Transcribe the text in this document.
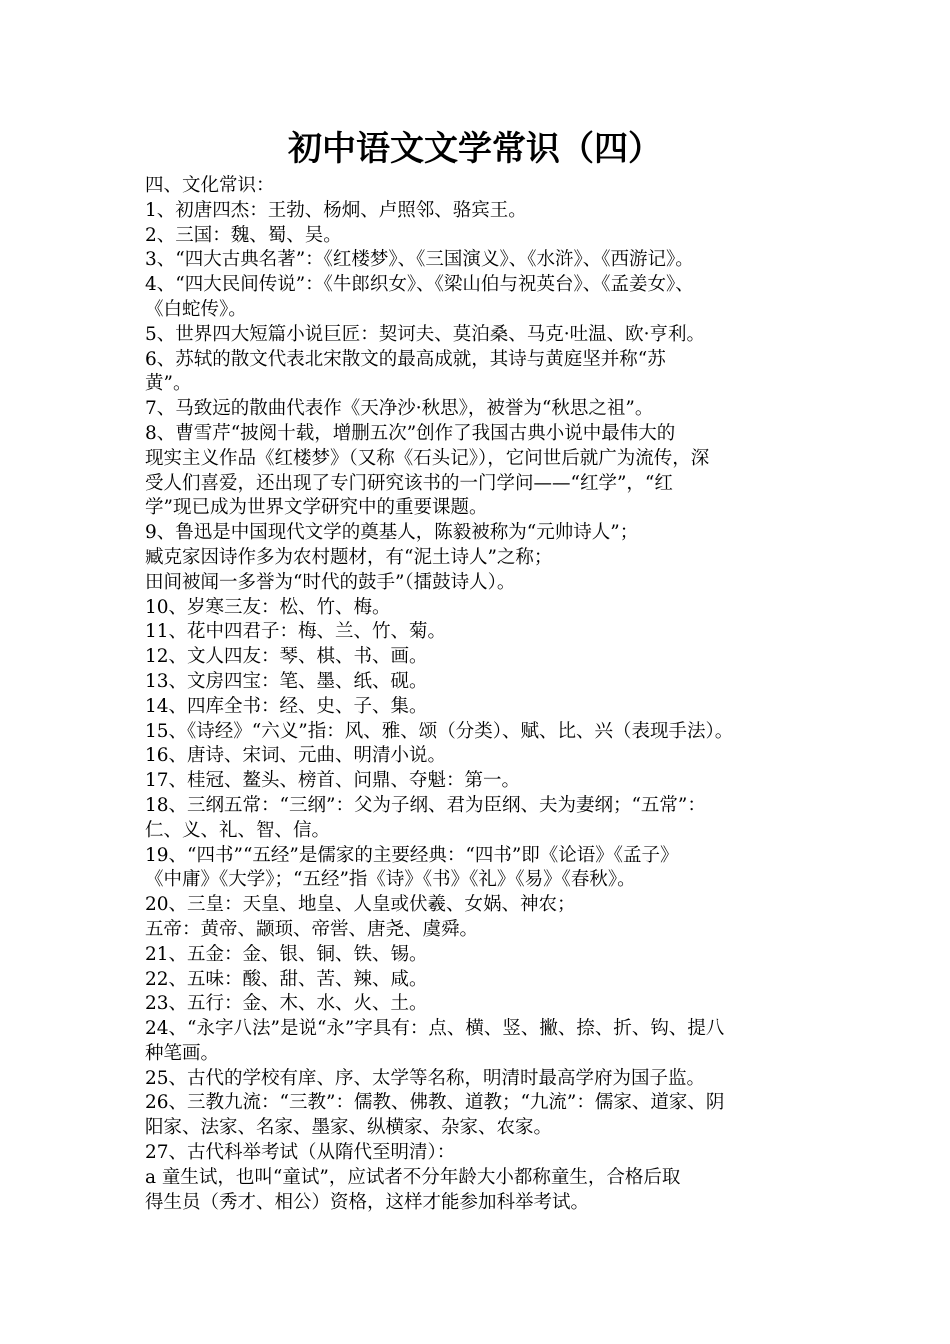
初中语文文学常识（四）
四、文化常识：
1、初唐四杰：王勃、杨炯、卢照邻、骆宾王。
2、三国：魏、蜀、吴。
3、“四大古典名著”：《红楼梦》、《三国演义》、《水浒》、《西游记》。
4、“四大民间传说”：《牛郎织女》、《梁山伯与祝英台》、《孟姜女》、
《白蛇传》。
5、世界四大短篇小说巨匠：契诃夫、莫泊桑、马克·吐温、欧·亨利。
6、苏轼的散文代表北宋散文的最高成就，其诗与黄庭坚并称“苏
黄”。
7、马致远的散曲代表作《天净沙·秋思》，被誉为“秋思之祖”。
8、曹雪芹“披阅十载，增删五次”创作了我国古典小说中最伟大的
现实主义作品《红楼梦》（又称《石头记》），它问世后就广为流传，深
受人们喜爱，还出现了专门研究该书的一门学问——“红学”，“红
学”现已成为世界文学研究中的重要课题。
9、鲁迅是中国现代文学的奠基人，陈毅被称为“元帅诗人”；
臧克家因诗作多为农村题材，有“泥土诗人”之称；
田间被闻一多誉为“时代的鼓手”（擂鼓诗人）。
10、岁寒三友：松、竹、梅。
11、花中四君子：梅、兰、竹、菊。
12、文人四友：琴、棋、书、画。
13、文房四宝：笔、墨、纸、砚。
14、四库全书：经、史、子、集。
15、《诗经》“六义”指：风、雅、颂（分类）、赋、比、兴（表现手法）。
16、唐诗、宋词、元曲、明清小说。
17、桂冠、鳌头、榜首、问鼎、夺魁：第一。
18、三纲五常：“三纲”：父为子纲、君为臣纲、夫为妻纲；“五常”：
仁、义、礼、智、信。
19、“四书”“五经”是儒家的主要经典：“四书”即《论语》《孟子》
《中庸》《大学》；“五经”指《诗》《书》《礼》《易》《春秋》。
20、三皇：天皇、地皇、人皇或伏羲、女娲、神农；
五帝：黄帝、颛顼、帝喾、唐尧、虞舜。
21、五金：金、银、铜、铁、锡。
22、五味：酸、甜、苦、辣、咸。
23、五行：金、木、水、火、土。
24、“永字八法”是说“永”字具有：点、横、竖、撇、捺、折、钩、提八
种笔画。
25、古代的学校有庠、序、太学等名称，明清时最高学府为国子监。
26、三教九流：“三教”：儒教、佛教、道教；“九流”：儒家、道家、阴
阳家、法家、名家、墨家、纵横家、杂家、农家。
27、古代科举考试（从隋代至明清）：
a 童生试，也叫“童试”，应试者不分年龄大小都称童生，合格后取
得生员（秀才、相公）资格，这样才能参加科举考试。
